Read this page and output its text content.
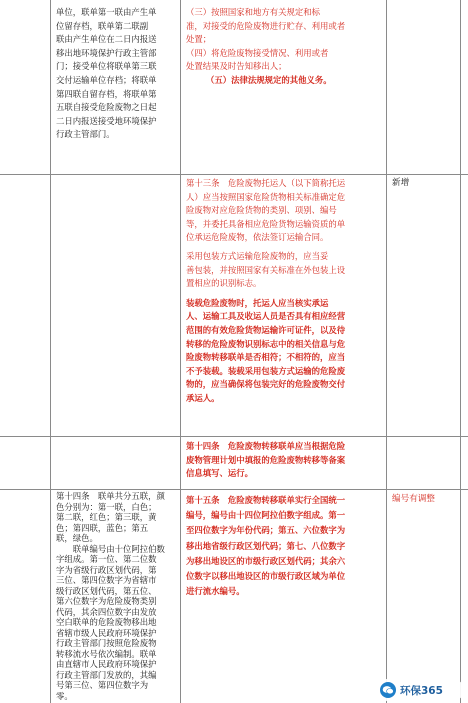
单位，联单第一联由产生单

位留存档，联单第二联副

联由产生单位在二日内报送

移出地环境保护行政主管部

门；接受单位将联单第三联

交付运输单位存档；将联单

第四联自留存档，将联单第

五联自接受危险废物之日起

二日内报送接受地环境保护

行政主管部门。

（三）按照国家和地方有关规定和标

准，对接受的危险废物进行贮存、利用或者

处置；

（四）将危险废物接受情况、利用或者

处置结果及时告知移出人；

（五）法律法规规定的其他义务。

第十三条　危险废物托运人（以下简称托运

人）应当按照国家危险货物相关标准确定危

险废物对应危险货物的类别、项别、编号

等，并委托具备相应危险货物运输资质的单

位承运危险废物，依法签订运输合同。

采用包装方式运输危险废物的，应当妥

善包装，并按照国家有关标准在外包装上设

置相应的识别标志。

装载危险废物时，托运人应当核实承运

人、运输工具及收运人员是否具有相应经营

范围的有效危险货物运输许可证件，以及待

转移的危险废物识别标志中的相关信息与危

险废物转移联单是否相符；不相符的，应当

不予装载。装载采用包装方式运输的危险废

物的，应当确保将包装完好的危险废物交付

承运人。

新增

第十四条　危险废物转移联单应当根据危险

废物管理计划中填报的危险废物转移等备案

信息填写、运行。

第十四条　联单共分五联，颜

色分别为：第一联，白色；

第二联，红色；第三联，黄

色；第四联，蓝色；第五

联，绿色。

　　联单编号由十位阿拉伯数

字组成。第一位、第二位数

字为省级行政区划代码，第

三位、第四位数字为省辖市

级行政区划代码，第五位、

第六位数字为危险废物类别

代码，其余四位数字由发放

空白联单的危险废物移出地

省辖市级人民政府环境保护

行政主管部门按照危险废物

转移流水号依次编制。联单

由直辖市人民政府环境保护

行政主管部门发放的，其编

号第三位、第四位数字为

零。

第十五条　危险废物转移联单实行全国统一

编号，编号由十四位阿拉伯数字组成。第一

至四位数字为年份代码；第五、六位数字为

移出地省级行政区划代码；第七、八位数字

为移出地设区的市级行政区划代码；其余六

位数字以移出地设区的市级行政区域为单位

进行流水编号。

编号有调整
环保365
